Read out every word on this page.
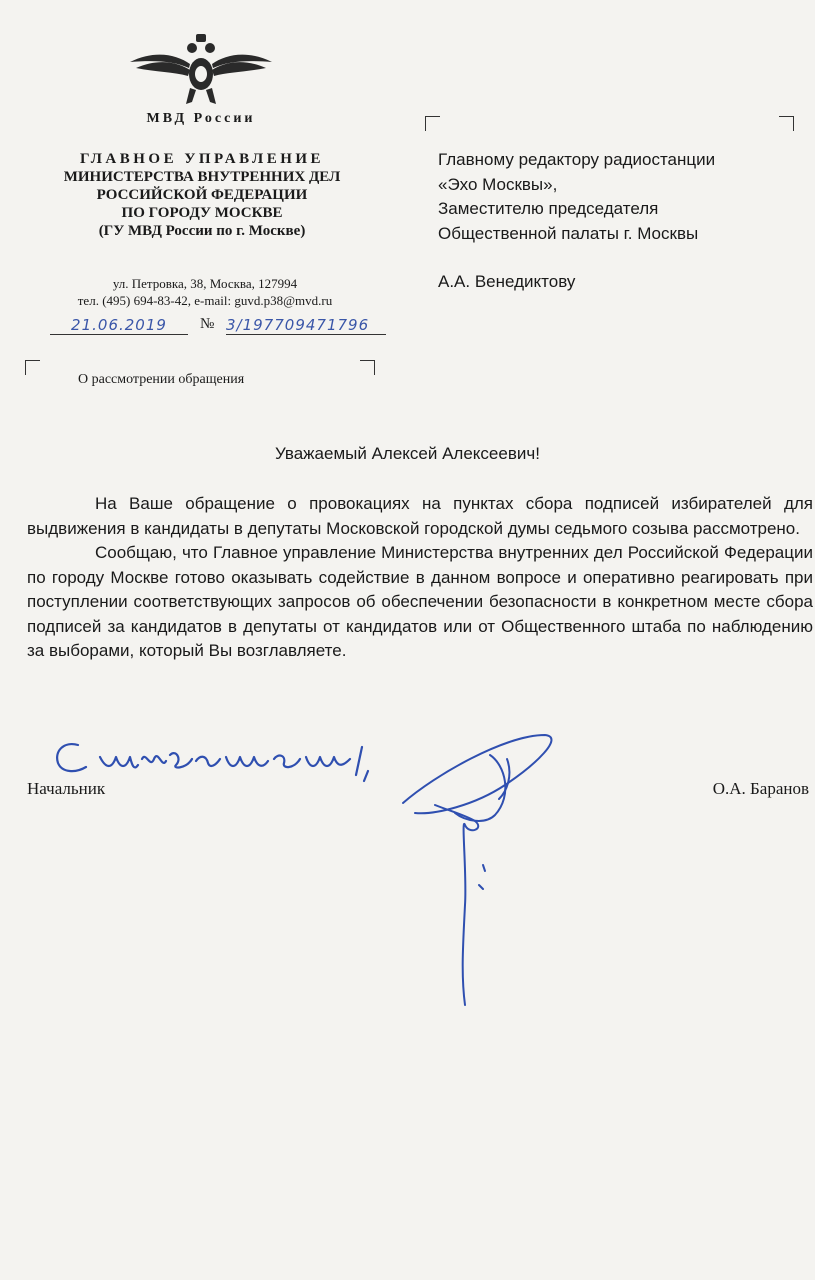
МВД России
ГЛАВНОЕ УПРАВЛЕНИЕ
МИНИСТЕРСТВА ВНУТРЕННИХ ДЕЛ
РОССИЙСКОЙ ФЕДЕРАЦИИ
ПО ГОРОДУ МОСКВЕ
(ГУ МВД России по г. Москве)
ул. Петровка, 38, Москва, 127994
тел. (495) 694-83-42, e-mail: guvd.p38@mvd.ru
21.06.2019	№ 3/197709471796
О рассмотрении обращения
Главному редактору радиостанции
«Эхо Москвы»,
Заместителю председателя
Общественной палаты г. Москвы
А.А. Венедиктову
Уважаемый Алексей Алексеевич!

На Ваше обращение о провокациях на пунктах сбора подписей избирателей для выдвижения в кандидаты в депутаты Московской городской думы седьмого созыва рассмотрено.

Сообщаю, что Главное управление Министерства внутренних дел Российской Федерации по городу Москве готово оказывать содействие в данном вопросе и оперативно реагировать при поступлении соответствующих запросов об обеспечении безопасности в конкретном месте сбора подписей за кандидатов в депутаты от кандидатов или от Общественного штаба по наблюдению за выборами, который Вы возглавляете.

Начальник	О.А. Баранов
